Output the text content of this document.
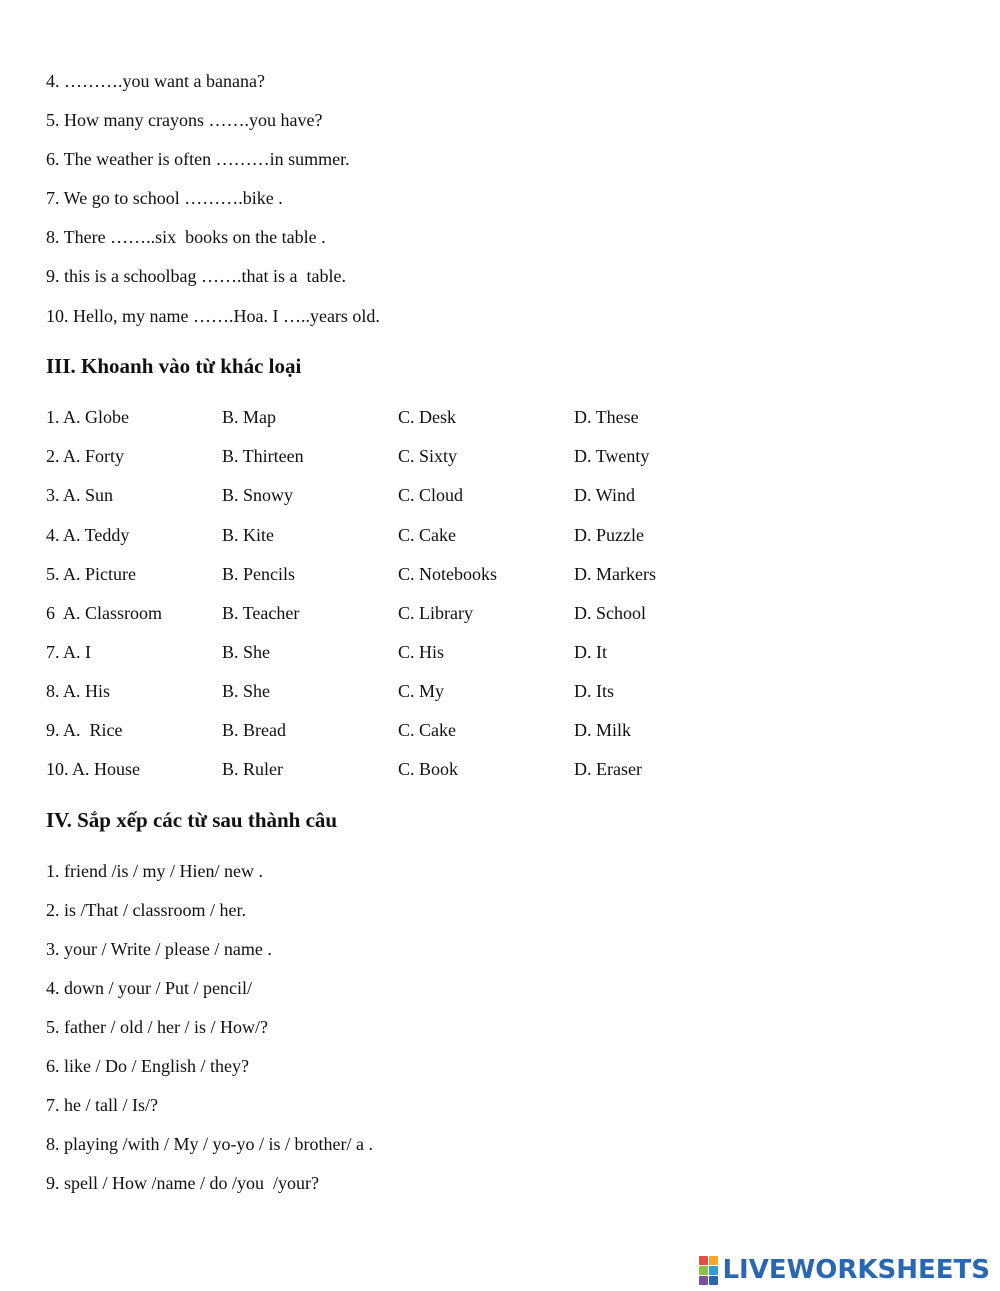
4. ……….you want a banana?
5. How many crayons …….you have?
6. The weather is often ………in summer.
7. We go to school ……….bike .
8. There ……..six  books on the table .
9. this is a schoolbag …….that is a  table.
10. Hello, my name …….Hoa. I …..years old.
III. Khoanh vào từ khác loại
1. A. Globe	B. Map	C. Desk	D. These
2. A. Forty	B. Thirteen	C. Sixty	D. Twenty
3. A. Sun	B. Snowy	C. Cloud	D. Wind
4. A. Teddy	B. Kite	C. Cake	D. Puzzle
5. A. Picture	B. Pencils	C. Notebooks	D. Markers
6  A. Classroom	B. Teacher	C. Library	D. School
7. A. I	B. She	C. His	D. It
8. A. His	B. She	C. My	D. Its
9. A.  Rice	B. Bread	C. Cake	D. Milk
10. A. House	B. Ruler	C. Book	D. Eraser
IV. Sắp xếp các từ sau thành câu
1. friend /is / my / Hien/ new .
2. is /That / classroom / her.
3. your / Write / please / name .
4. down / your / Put / pencil/
5. father / old / her / is / How/?
6. like / Do / English / they?
7. he / tall / Is/?
8. playing /with / My / yo-yo / is / brother/ a .
9. spell / How /name / do /you  /your?
LIVEWORKSHEETS
